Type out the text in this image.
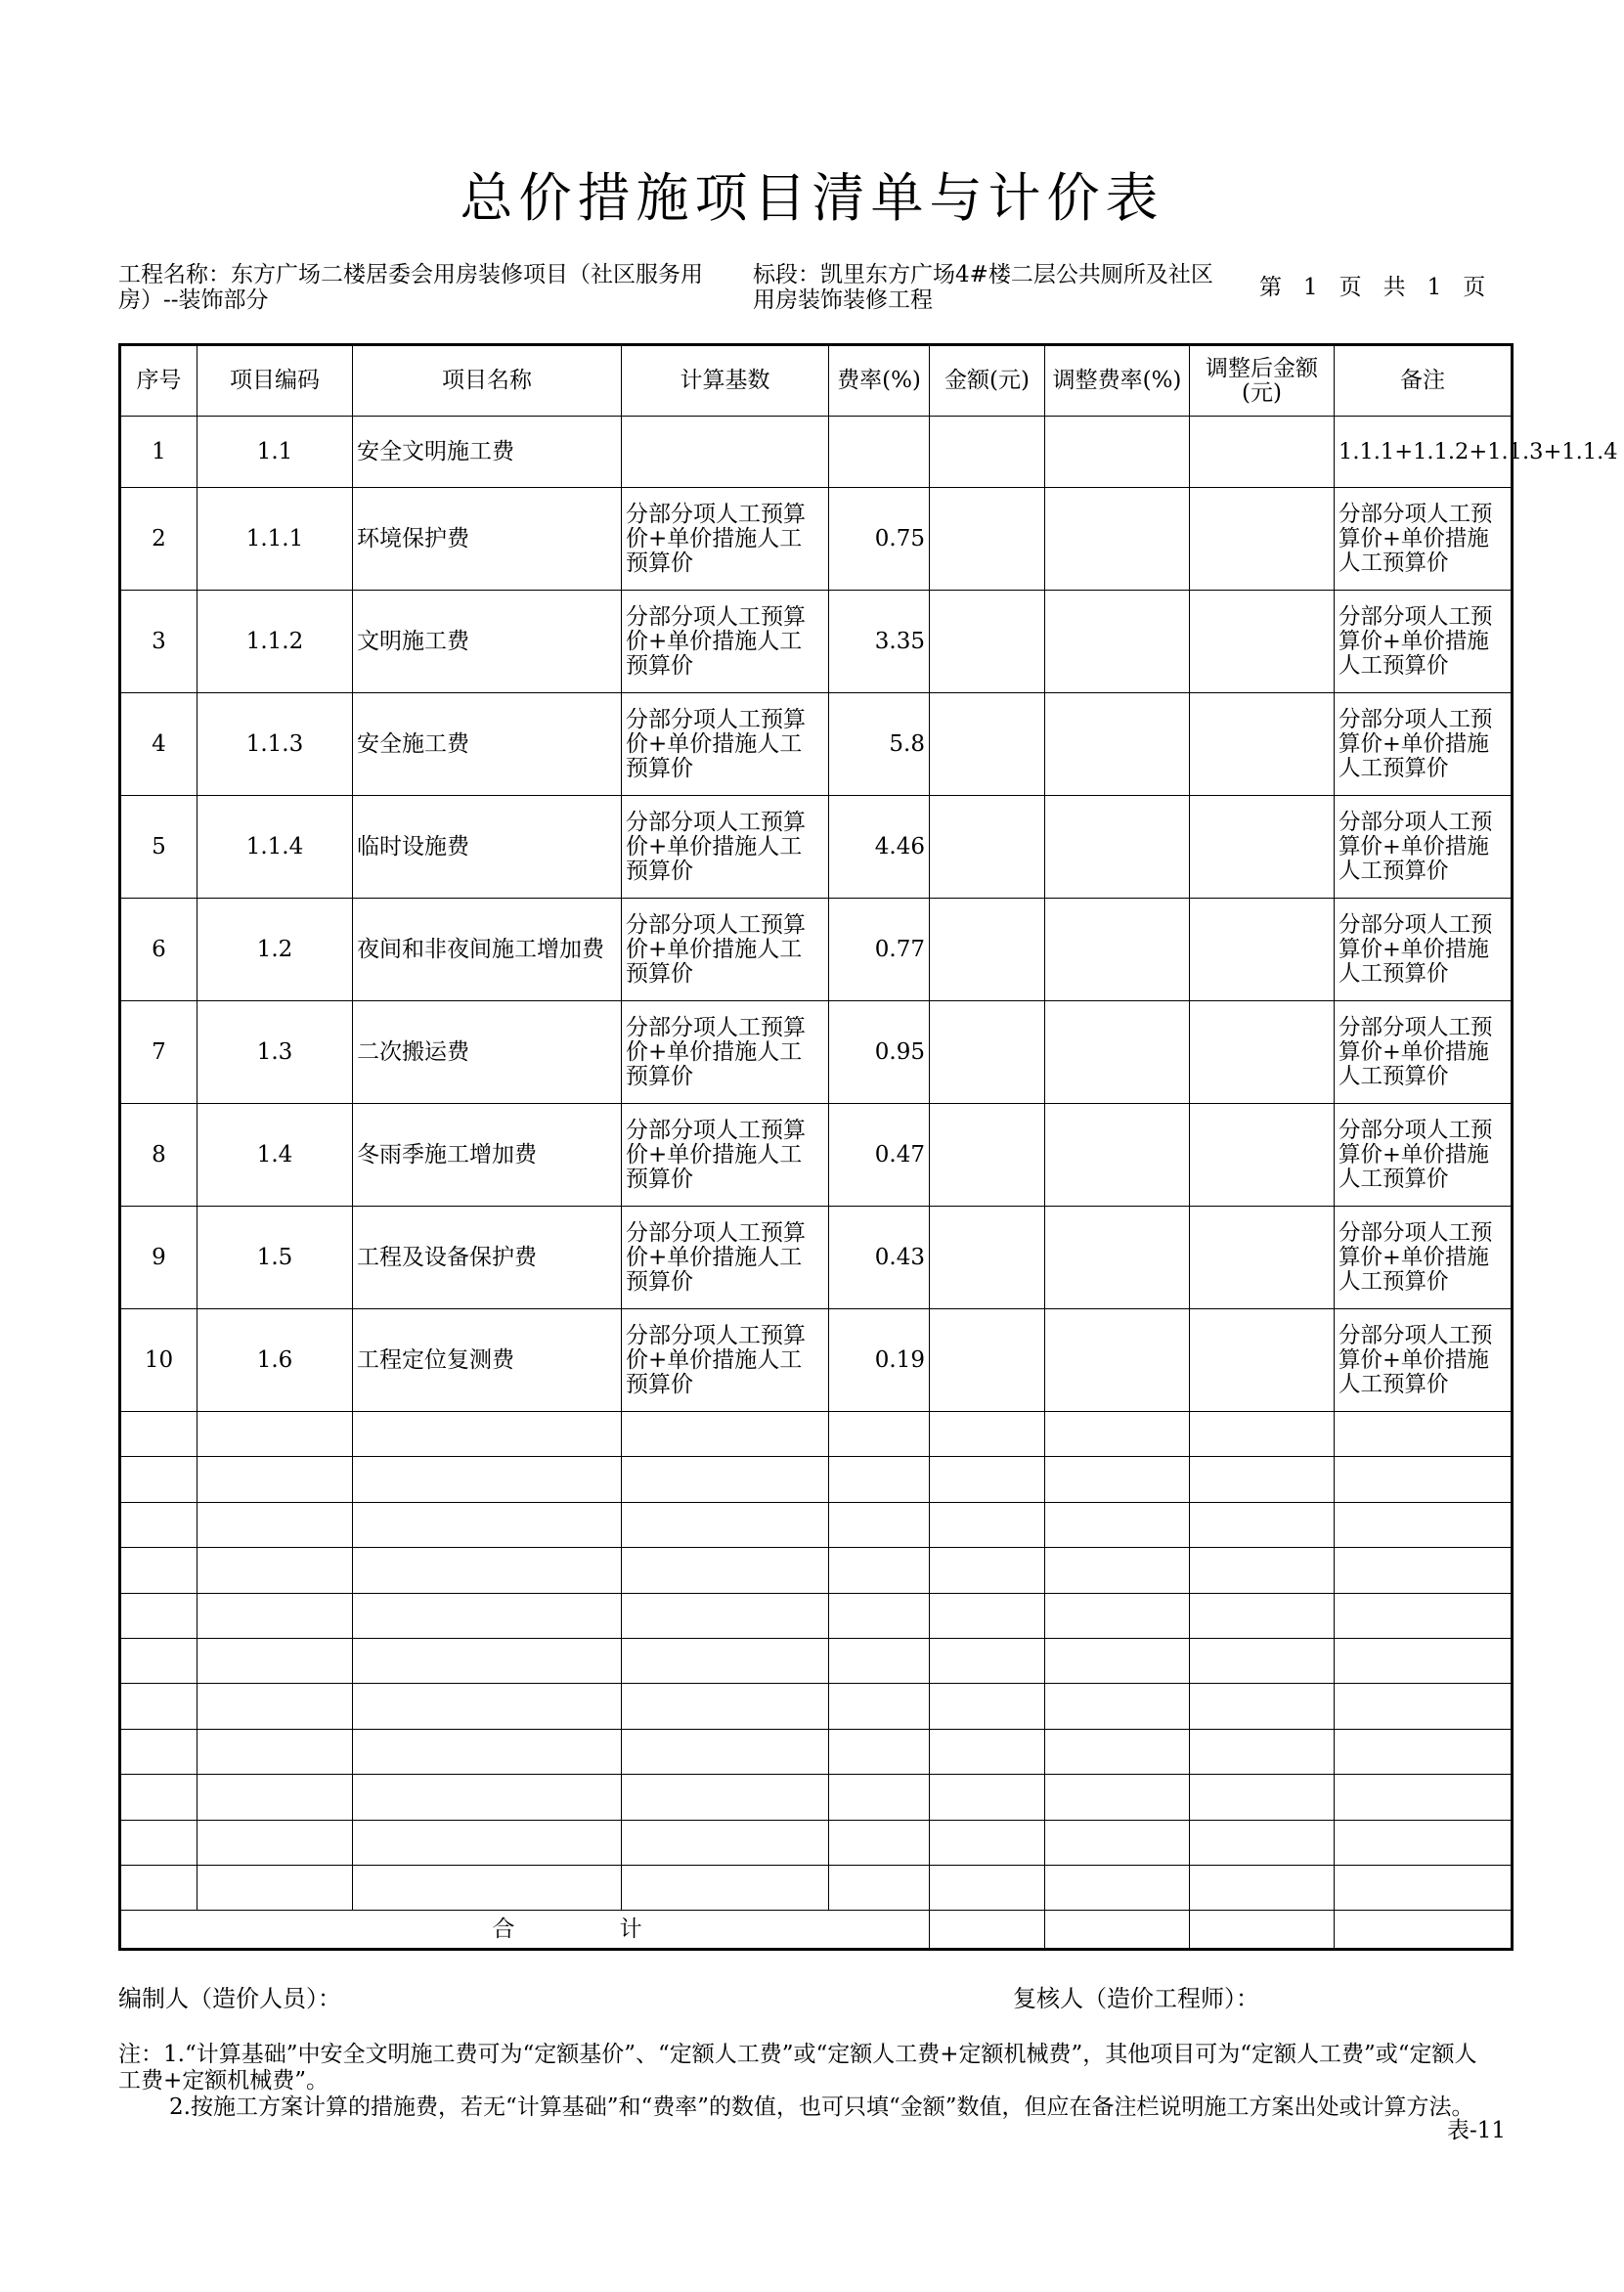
总价措施项目清单与计价表
工程名称：东方广场二楼居委会用房装修项目（社区服务用房）--装饰部分
标段：凯里东方广场4#楼二层公共厕所及社区用房装饰装修工程	第 1 页 共 1 页
序号	项目编码	项目名称	计算基数	费率(%)	金额(元)	调整费率(%)	调整后金额(元)	备注
1	1.1	安全文明施工费						1.1.1+1.1.2+1.1.3+1.1.4
2	1.1.1	环境保护费	分部分项人工预算价+单价措施人工预算价	0.75				分部分项人工预算价+单价措施人工预算价
3	1.1.2	文明施工费	分部分项人工预算价+单价措施人工预算价	3.35				分部分项人工预算价+单价措施人工预算价
4	1.1.3	安全施工费	分部分项人工预算价+单价措施人工预算价	5.8				分部分项人工预算价+单价措施人工预算价
5	1.1.4	临时设施费	分部分项人工预算价+单价措施人工预算价	4.46				分部分项人工预算价+单价措施人工预算价
6	1.2	夜间和非夜间施工增加费	分部分项人工预算价+单价措施人工预算价	0.77				分部分项人工预算价+单价措施人工预算价
7	1.3	二次搬运费	分部分项人工预算价+单价措施人工预算价	0.95				分部分项人工预算价+单价措施人工预算价
8	1.4	冬雨季施工增加费	分部分项人工预算价+单价措施人工预算价	0.47				分部分项人工预算价+单价措施人工预算价
9	1.5	工程及设备保护费	分部分项人工预算价+单价措施人工预算价	0.43				分部分项人工预算价+单价措施人工预算价
10	1.6	工程定位复测费	分部分项人工预算价+单价措施人工预算价	0.19				分部分项人工预算价+单价措施人工预算价

合 计								
编制人（造价人员）：	复核人（造价工程师）：

注：1.“计算基础”中安全文明施工费可为“定额基价”、“定额人工费”或“定额人工费+定额机械费”，其他项目可为“定额人工费”或“定额人工费+定额机械费”。

2.按施工方案计算的措施费，若无“计算基础”和“费率”的数值，也可只填“金额”数值，但应在备注栏说明施工方案出处或计算方法。

表-11
